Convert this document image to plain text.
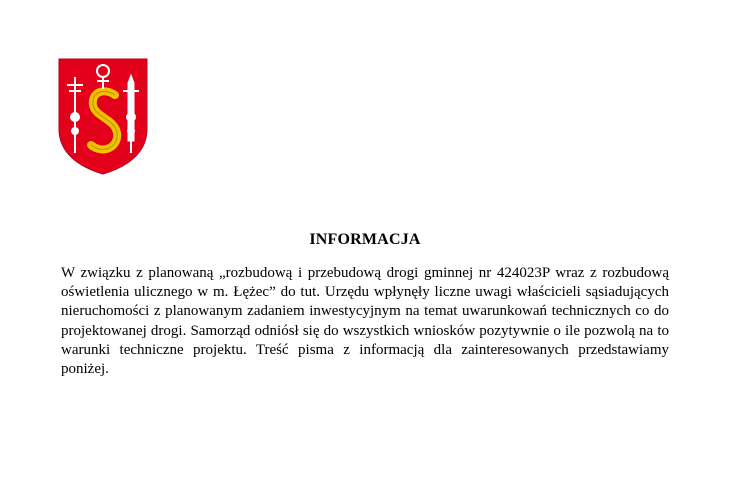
INFORMACJA

W związku z planowaną „rozbudową i przebudową drogi gminnej nr 424023P wraz z rozbudową oświetlenia ulicznego w m. Łężec” do tut. Urzędu wpłynęły liczne uwagi właścicieli sąsiadujących nieruchomości z planowanym zadaniem inwestycyjnym na temat uwarunkowań technicznych co do projektowanej drogi. Samorząd odniósł się do wszystkich wniosków pozytywnie o ile pozwolą na to warunki techniczne projektu. Treść pisma z informacją dla zainteresowanych przedstawiamy poniżej.
